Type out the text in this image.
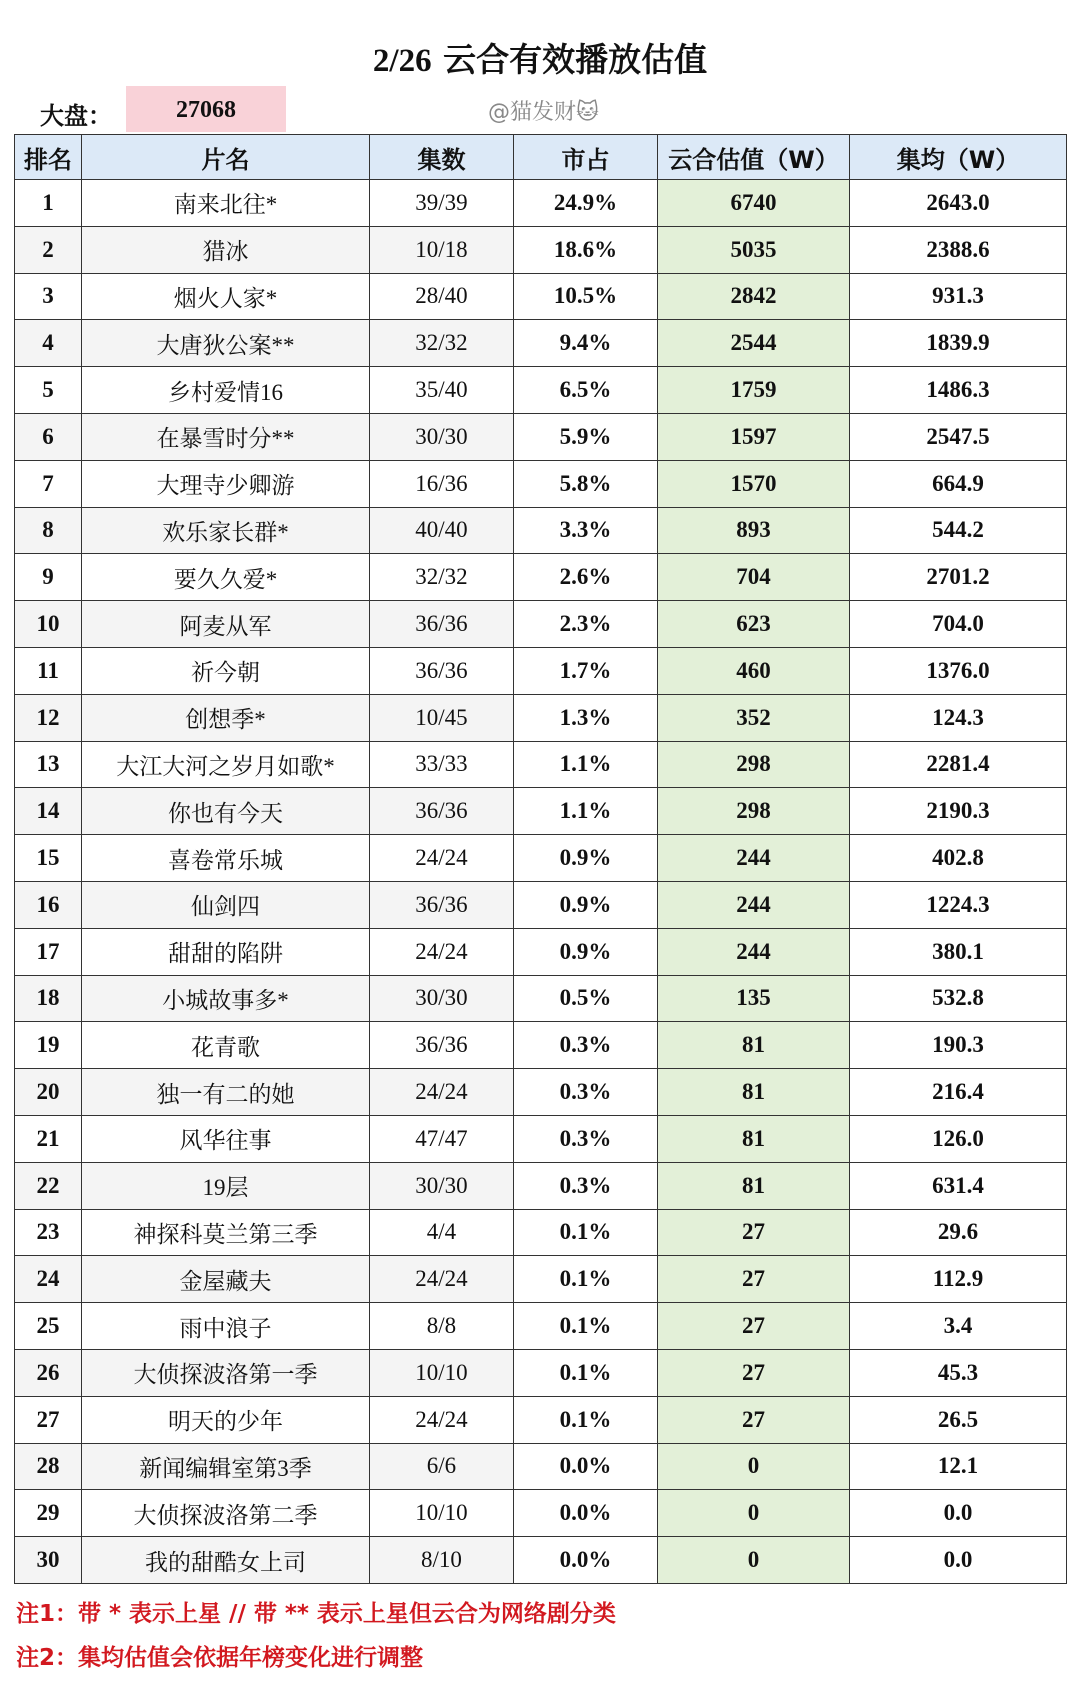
2/26 云合有效播放估值
大盘：	27068	@猫发财🐱
排名	片名	集数	市占	云合估值（W）	集均（W）
1	南来北往*	39/39	24.9%	6740	2643.0
2	猎冰	10/18	18.6%	5035	2388.6
3	烟火人家*	28/40	10.5%	2842	931.3
4	大唐狄公案**	32/32	9.4%	2544	1839.9
5	乡村爱情16	35/40	6.5%	1759	1486.3
6	在暴雪时分**	30/30	5.9%	1597	2547.5
7	大理寺少卿游	16/36	5.8%	1570	664.9
8	欢乐家长群*	40/40	3.3%	893	544.2
9	要久久爱*	32/32	2.6%	704	2701.2
10	阿麦从军	36/36	2.3%	623	704.0
11	祈今朝	36/36	1.7%	460	1376.0
12	创想季*	10/45	1.3%	352	124.3
13	大江大河之岁月如歌*	33/33	1.1%	298	2281.4
14	你也有今天	36/36	1.1%	298	2190.3
15	喜卷常乐城	24/24	0.9%	244	402.8
16	仙剑四	36/36	0.9%	244	1224.3
17	甜甜的陷阱	24/24	0.9%	244	380.1
18	小城故事多*	30/30	0.5%	135	532.8
19	花青歌	36/36	0.3%	81	190.3
20	独一有二的她	24/24	0.3%	81	216.4
21	风华往事	47/47	0.3%	81	126.0
22	19层	30/30	0.3%	81	631.4
23	神探科莫兰第三季	4/4	0.1%	27	29.6
24	金屋藏夫	24/24	0.1%	27	112.9
25	雨中浪子	8/8	0.1%	27	3.4
26	大侦探波洛第一季	10/10	0.1%	27	45.3
27	明天的少年	24/24	0.1%	27	26.5
28	新闻编辑室第3季	6/6	0.0%	0	12.1
29	大侦探波洛第二季	10/10	0.0%	0	0.0
30	我的甜酷女上司	8/10	0.0%	0	0.0
注1：带 * 表示上星 // 带 ** 表示上星但云合为网络剧分类
注2：集均估值会依据年榜变化进行调整
